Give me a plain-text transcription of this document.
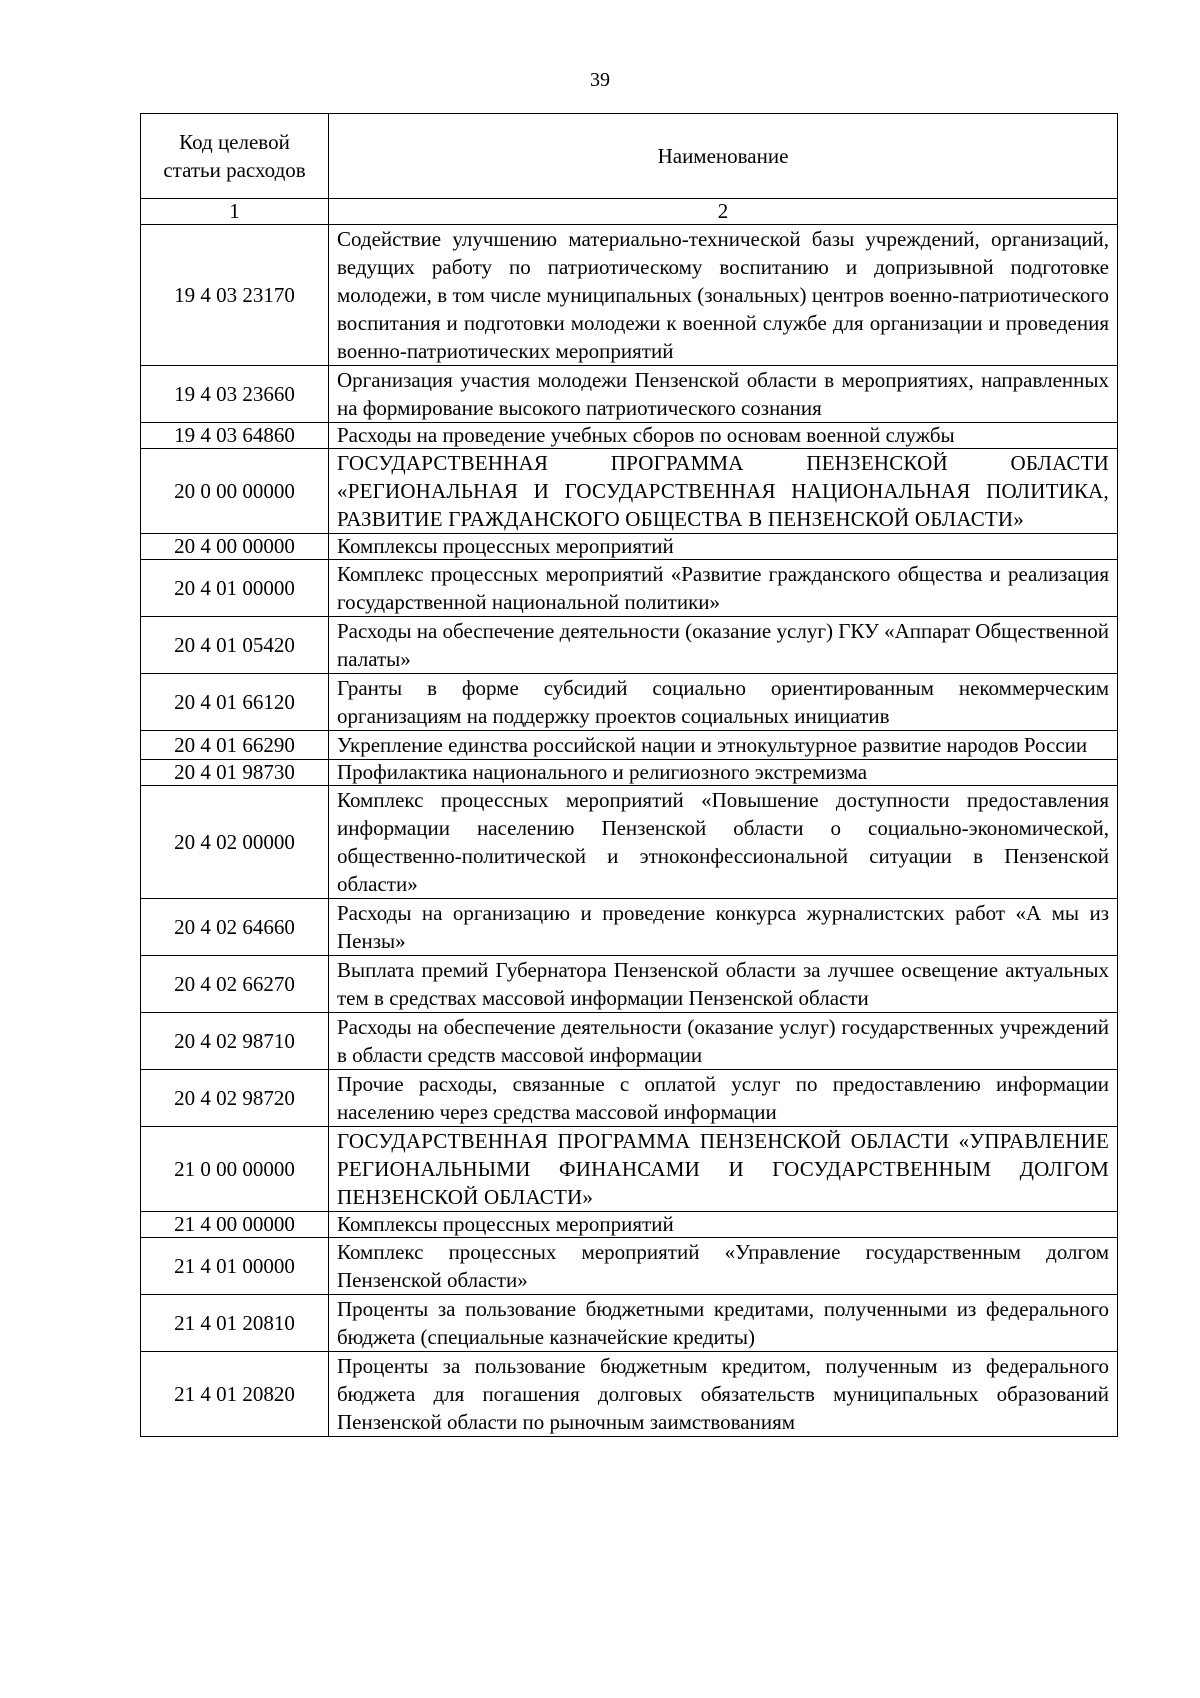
39
Код целевой статьи расходов	Наименование
1	2
19 4 03 23170	Содействие улучшению материально-технической базы учреждений, организаций, ведущих работу по патриотическому воспитанию и допризывной подготовке молодежи, в том числе муниципальных (зональных) центров военно-патриотического воспитания и подготовки молодежи к военной службе для организации и проведения военно-патриотических мероприятий
19 4 03 23660	Организация участия молодежи Пензенской области в мероприятиях, направленных на формирование высокого патриотического сознания
19 4 03 64860	Расходы на проведение учебных сборов по основам военной службы
20 0 00 00000	ГОСУДАРСТВЕННАЯ ПРОГРАММА ПЕНЗЕНСКОЙ ОБЛАСТИ «РЕГИОНАЛЬНАЯ И ГОСУДАРСТВЕННАЯ НАЦИОНАЛЬНАЯ ПОЛИТИКА, РАЗВИТИЕ ГРАЖДАНСКОГО ОБЩЕСТВА В ПЕНЗЕНСКОЙ ОБЛАСТИ»
20 4 00 00000	Комплексы процессных мероприятий
20 4 01 00000	Комплекс процессных мероприятий «Развитие гражданского общества и реализация государственной национальной политики»
20 4 01 05420	Расходы на обеспечение деятельности (оказание услуг) ГКУ «Аппарат Общественной палаты»
20 4 01 66120	Гранты в форме субсидий социально ориентированным некоммерческим организациям на поддержку проектов социальных инициатив
20 4 01 66290	Укрепление единства российской нации и этнокультурное развитие народов России
20 4 01 98730	Профилактика национального и религиозного экстремизма
20 4 02 00000	Комплекс процессных мероприятий «Повышение доступности предоставления информации населению Пензенской области о социально-экономической, общественно-политической и этноконфессиональной ситуации в Пензенской области»
20 4 02 64660	Расходы на организацию и проведение конкурса журналистских работ «А мы из Пензы»
20 4 02 66270	Выплата премий Губернатора Пензенской области за лучшее освещение актуальных тем в средствах массовой информации Пензенской области
20 4 02 98710	Расходы на обеспечение деятельности (оказание услуг) государственных учреждений в области средств массовой информации
20 4 02 98720	Прочие расходы, связанные с оплатой услуг по предоставлению информации населению через средства массовой информации
21 0 00 00000	ГОСУДАРСТВЕННАЯ ПРОГРАММА ПЕНЗЕНСКОЙ ОБЛАСТИ «УПРАВЛЕНИЕ РЕГИОНАЛЬНЫМИ ФИНАНСАМИ И ГОСУДАРСТВЕННЫМ ДОЛГОМ ПЕНЗЕНСКОЙ ОБЛАСТИ»
21 4 00 00000	Комплексы процессных мероприятий
21 4 01 00000	Комплекс процессных мероприятий «Управление государственным долгом Пензенской области»
21 4 01 20810	Проценты за пользование бюджетными кредитами, полученными из федерального бюджета (специальные казначейские кредиты)
21 4 01 20820	Проценты за пользование бюджетным кредитом, полученным из федерального бюджета для погашения долговых обязательств муниципальных образований Пензенской области по рыночным заимствованиям
